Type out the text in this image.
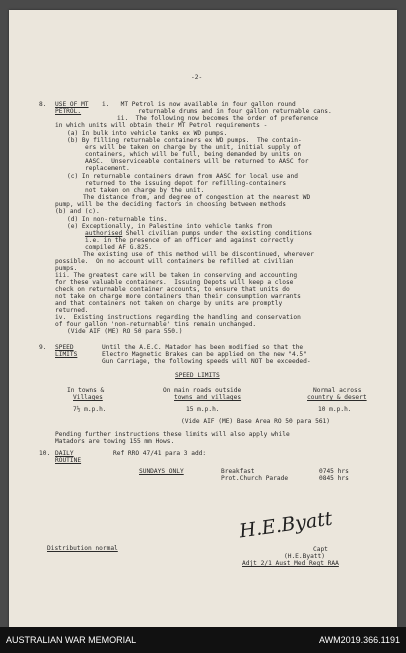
-2-
8. USE OF MT
PETROL.
i.   MT Petrol is now available in four gallon round
returnable drums and in four gallon returnable cans.
ii.  The following now becomes the order of preference
in which units will obtain their MT Petrol requirements -
(a) In bulk into vehicle tanks ex WD pumps.
(b) By filling returnable containers ex WD pumps.  The contain-
ers will be taken on charge by the unit, initial supply of
containers, which will be full, being demanded by units on
AASC.  Unserviceable containers will be returned to AASC for
replacement.
(c) In returnable containers drawn from AASC for local use and
returned to the issuing depot for refilling-containers
not taken on charge by the unit.
The distance from, and degree of congestion at the nearest WD
pump, will be the deciding factors in choosing between methods
(b) and (c).
(d) In non-returnable tins.
(e) Exceptionally, in Palestine into vehicle tanks from
authorised Shell civilian pumps under the existing conditions
i.e. in the presence of an officer and against correctly
compiled AF G.825.
The existing use of this method will be discontinued, wherever
possible.  On no account will containers be refilled at civilian
pumps.
iii. The greatest care will be taken in conserving and accounting
for these valuable containers.  Issuing Depots will keep a close
check on returnable container accounts, to ensure that units do
not take on charge more containers than their consumption warrants
and that containers not taken on charge by units are promptly
returned.
iv.  Existing instructions regarding the handling and conservation
of four gallon 'non-returnable' tins remain unchanged.
(Vide AIF (ME) RO 50 para 550.)
9. SPEED
LIMITS
Until the A.E.C. Matador has been modified so that the
Electro Magnetic Brakes can be applied on the new "4.5"
Gun Carriage, the following speeds will NOT be exceeded-
SPEED LIMITS
In towns &
Villages
On main roads outside
towns and villages
Normal across
country & desert
7½ m.p.h.	15 m.p.h.	10 m.p.h.
(Vide AIF (ME) Base Area RO 50 para 561)
Pending further instructions these limits will also apply while
Matadors are towing 155 mm Hows.
10. DAILY
ROUTINE
Ref RRO 47/41 para 3 add:
SUNDAYS ONLY	Breakfast	0745 hrs
Prot.Church Parade	0845 hrs
H.E.Byatt
Capt
(H.E.Byatt)
Adjt 2/1 Aust Med Regt RAA
Distribution normal
AUSTRALIAN WAR MEMORIAL	AWM2019.366.1191
